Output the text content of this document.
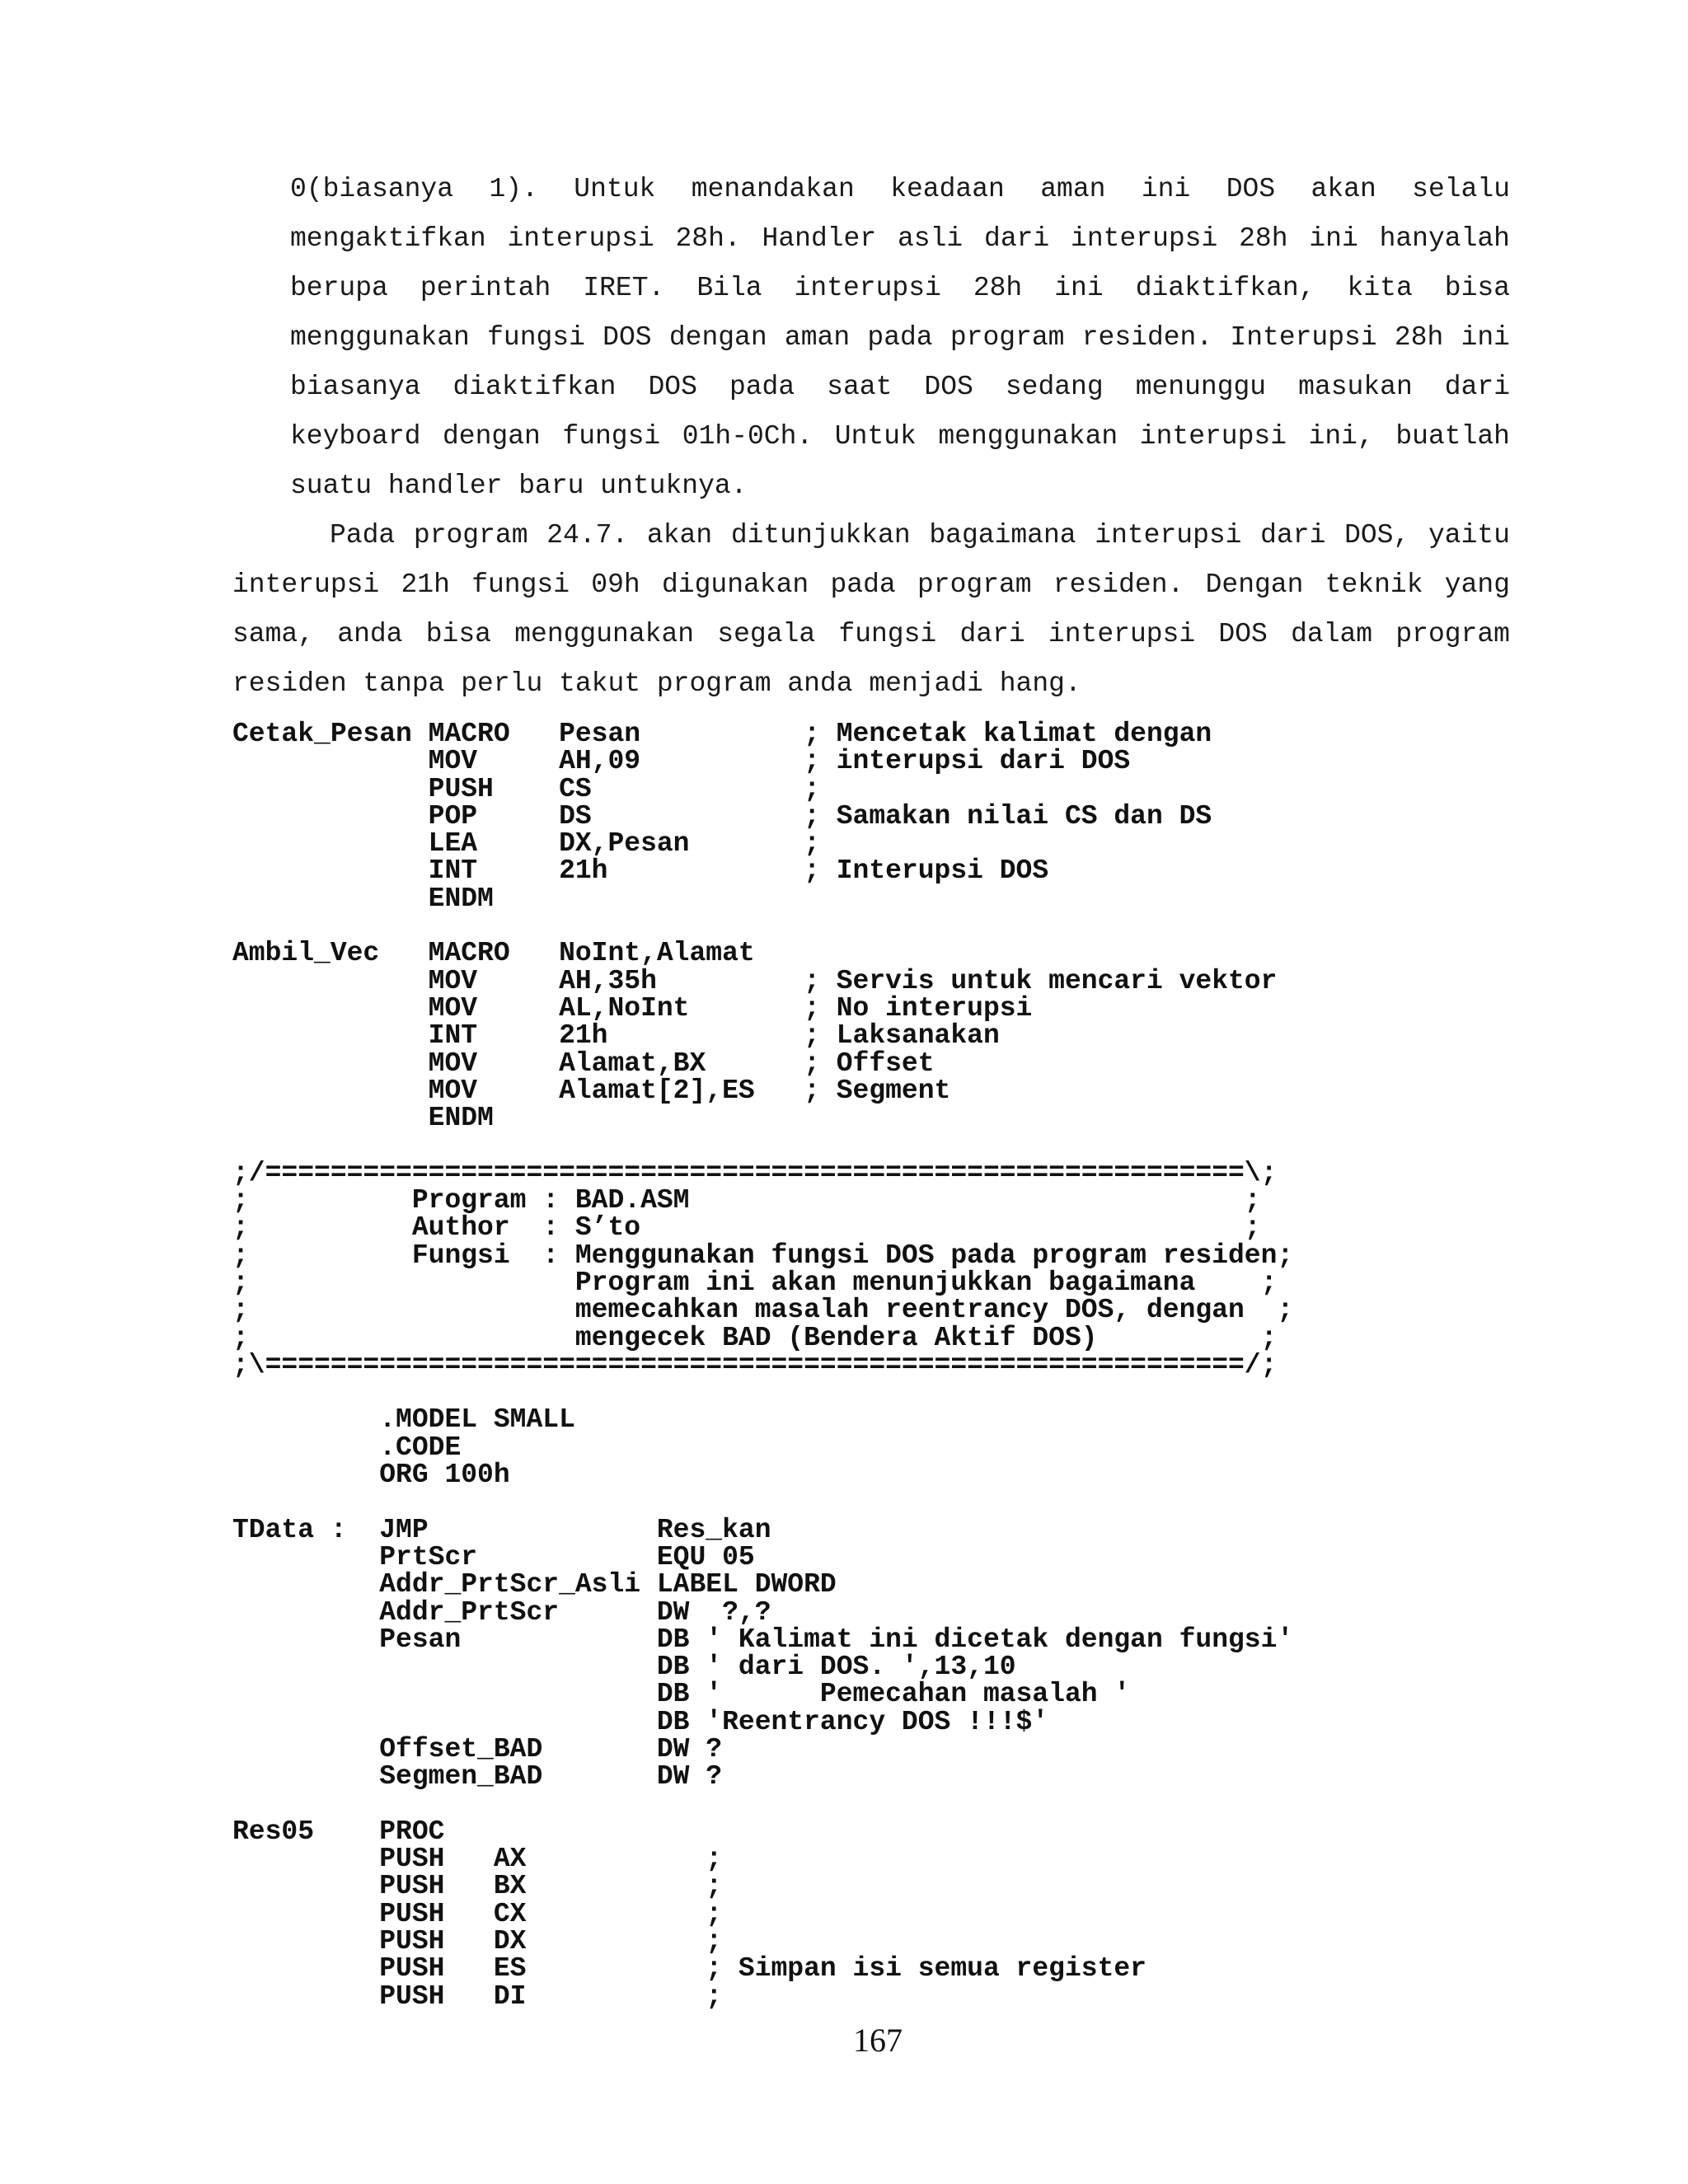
0(biasanya 1). Untuk menandakan keadaan aman ini DOS akan selalu
mengaktifkan interupsi 28h. Handler asli dari interupsi 28h ini hanyalah
berupa perintah IRET. Bila interupsi 28h ini diaktifkan, kita bisa
menggunakan fungsi DOS dengan aman pada program residen. Interupsi 28h ini
biasanya diaktifkan DOS pada saat DOS sedang menunggu masukan dari
keyboard dengan fungsi 01h-0Ch. Untuk menggunakan interupsi ini, buatlah
suatu handler baru untuknya.
Pada program 24.7. akan ditunjukkan bagaimana interupsi dari DOS, yaitu
interupsi 21h fungsi 09h digunakan pada program residen. Dengan teknik yang
sama, anda bisa menggunakan segala fungsi dari interupsi DOS dalam program
residen tanpa perlu takut program anda menjadi hang.
Cetak_Pesan MACRO   Pesan          ; Mencetak kalimat dengan
MOV     AH,09          ; interupsi dari DOS
PUSH    CS             ;
POP     DS             ; Samakan nilai CS dan DS
LEA     DX,Pesan       ;
INT     21h            ; Interupsi DOS
ENDM
Ambil_Vec   MACRO   NoInt,Alamat
MOV     AH,35h         ; Servis untuk mencari vektor
MOV     AL,NoInt       ; No interupsi
INT     21h            ; Laksanakan
MOV     Alamat,BX      ; Offset
MOV     Alamat[2],ES   ; Segment
ENDM
;/============================================================\;
;          Program : BAD.ASM                                  ;
;          Author  : S’to                                     ;
;          Fungsi  : Menggunakan fungsi DOS pada program residen;
;                    Program ini akan menunjukkan bagaimana    ;
;                    memecahkan masalah reentrancy DOS, dengan  ;
;                    mengecek BAD (Bendera Aktif DOS)          ;
;\============================================================/;
.MODEL SMALL
.CODE
ORG 100h
TData :  JMP              Res_kan
PrtScr           EQU 05
Addr_PrtScr_Asli LABEL DWORD
Addr_PrtScr      DW  ?,?
Pesan            DB ' Kalimat ini dicetak dengan fungsi'
DB ' dari DOS. ',13,10
DB '      Pemecahan masalah '
DB 'Reentrancy DOS !!!$'
Offset_BAD       DW ?
Segmen_BAD       DW ?
Res05    PROC
PUSH   AX           ;
PUSH   BX           ;
PUSH   CX           ;
PUSH   DX           ;
PUSH   ES           ; Simpan isi semua register
PUSH   DI           ;
167
